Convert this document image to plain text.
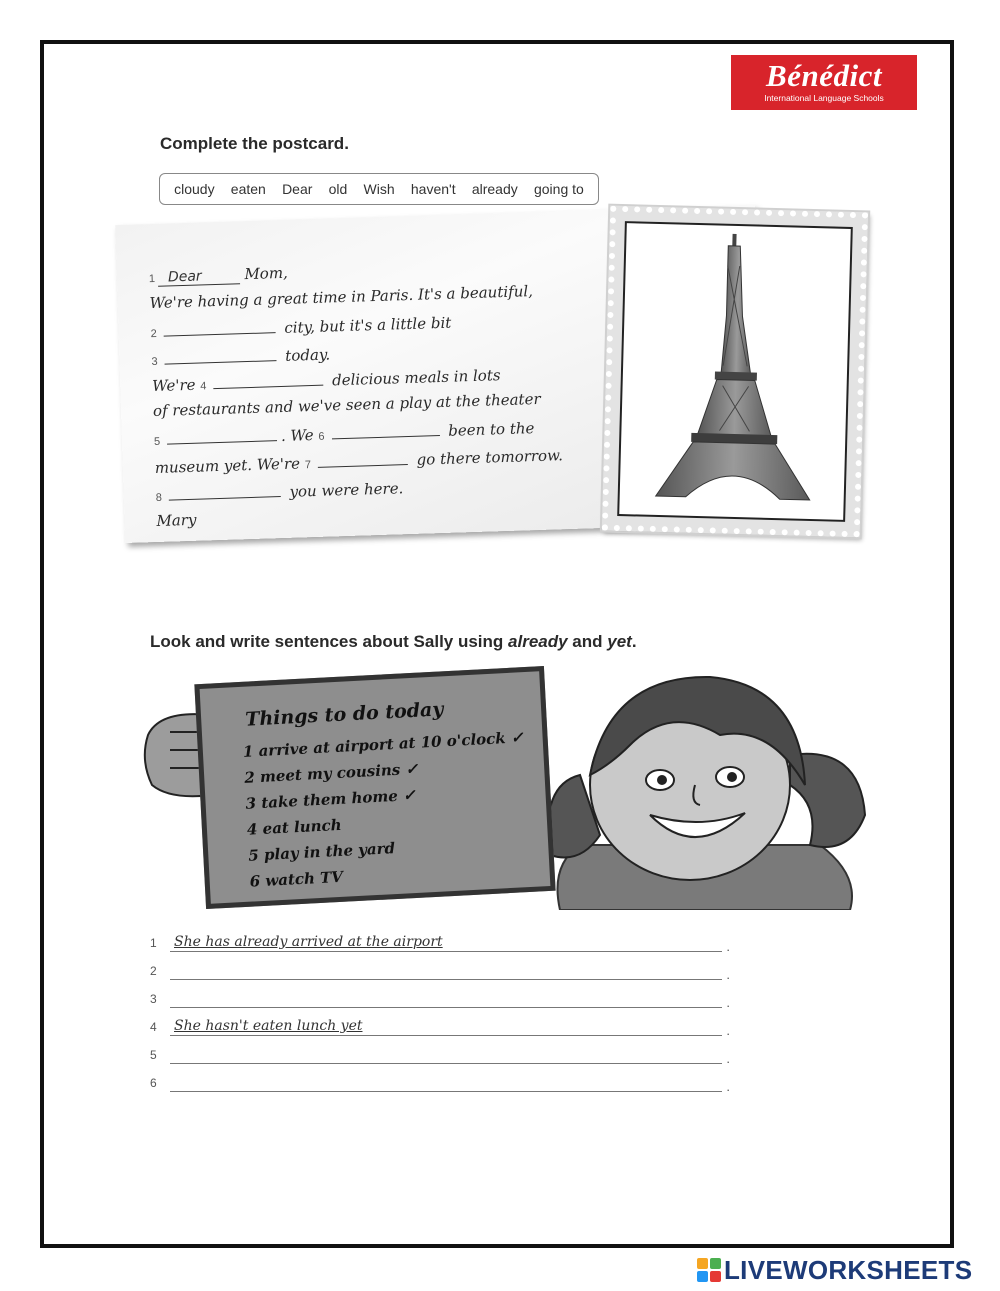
Bénédict
International Language Schools
Complete the postcard.
cloudy eaten Dear old Wish haven't already going to
1 Dear	Mom,
We're having a great time in Paris. It's a beautiful,
2	city, but it's a little bit
3	today.
We're 4	delicious meals in lots
of restaurants and we've seen a play at the theater
5	. We 6	been to the
museum yet. We're 7	go there tomorrow.
8	you were here.
Mary
Look and write sentences about Sally using already and yet.
Things to do today
1 arrive at airport at 10 o'clock ✓
2 meet my cousins ✓
3 take them home ✓
4 eat lunch
5 play in the yard
6 watch TV
1 She has already arrived at the airport	.
2	.
3	.
4 She hasn't eaten lunch yet	.
5	.
6	.
LIVEWORKSHEETS
